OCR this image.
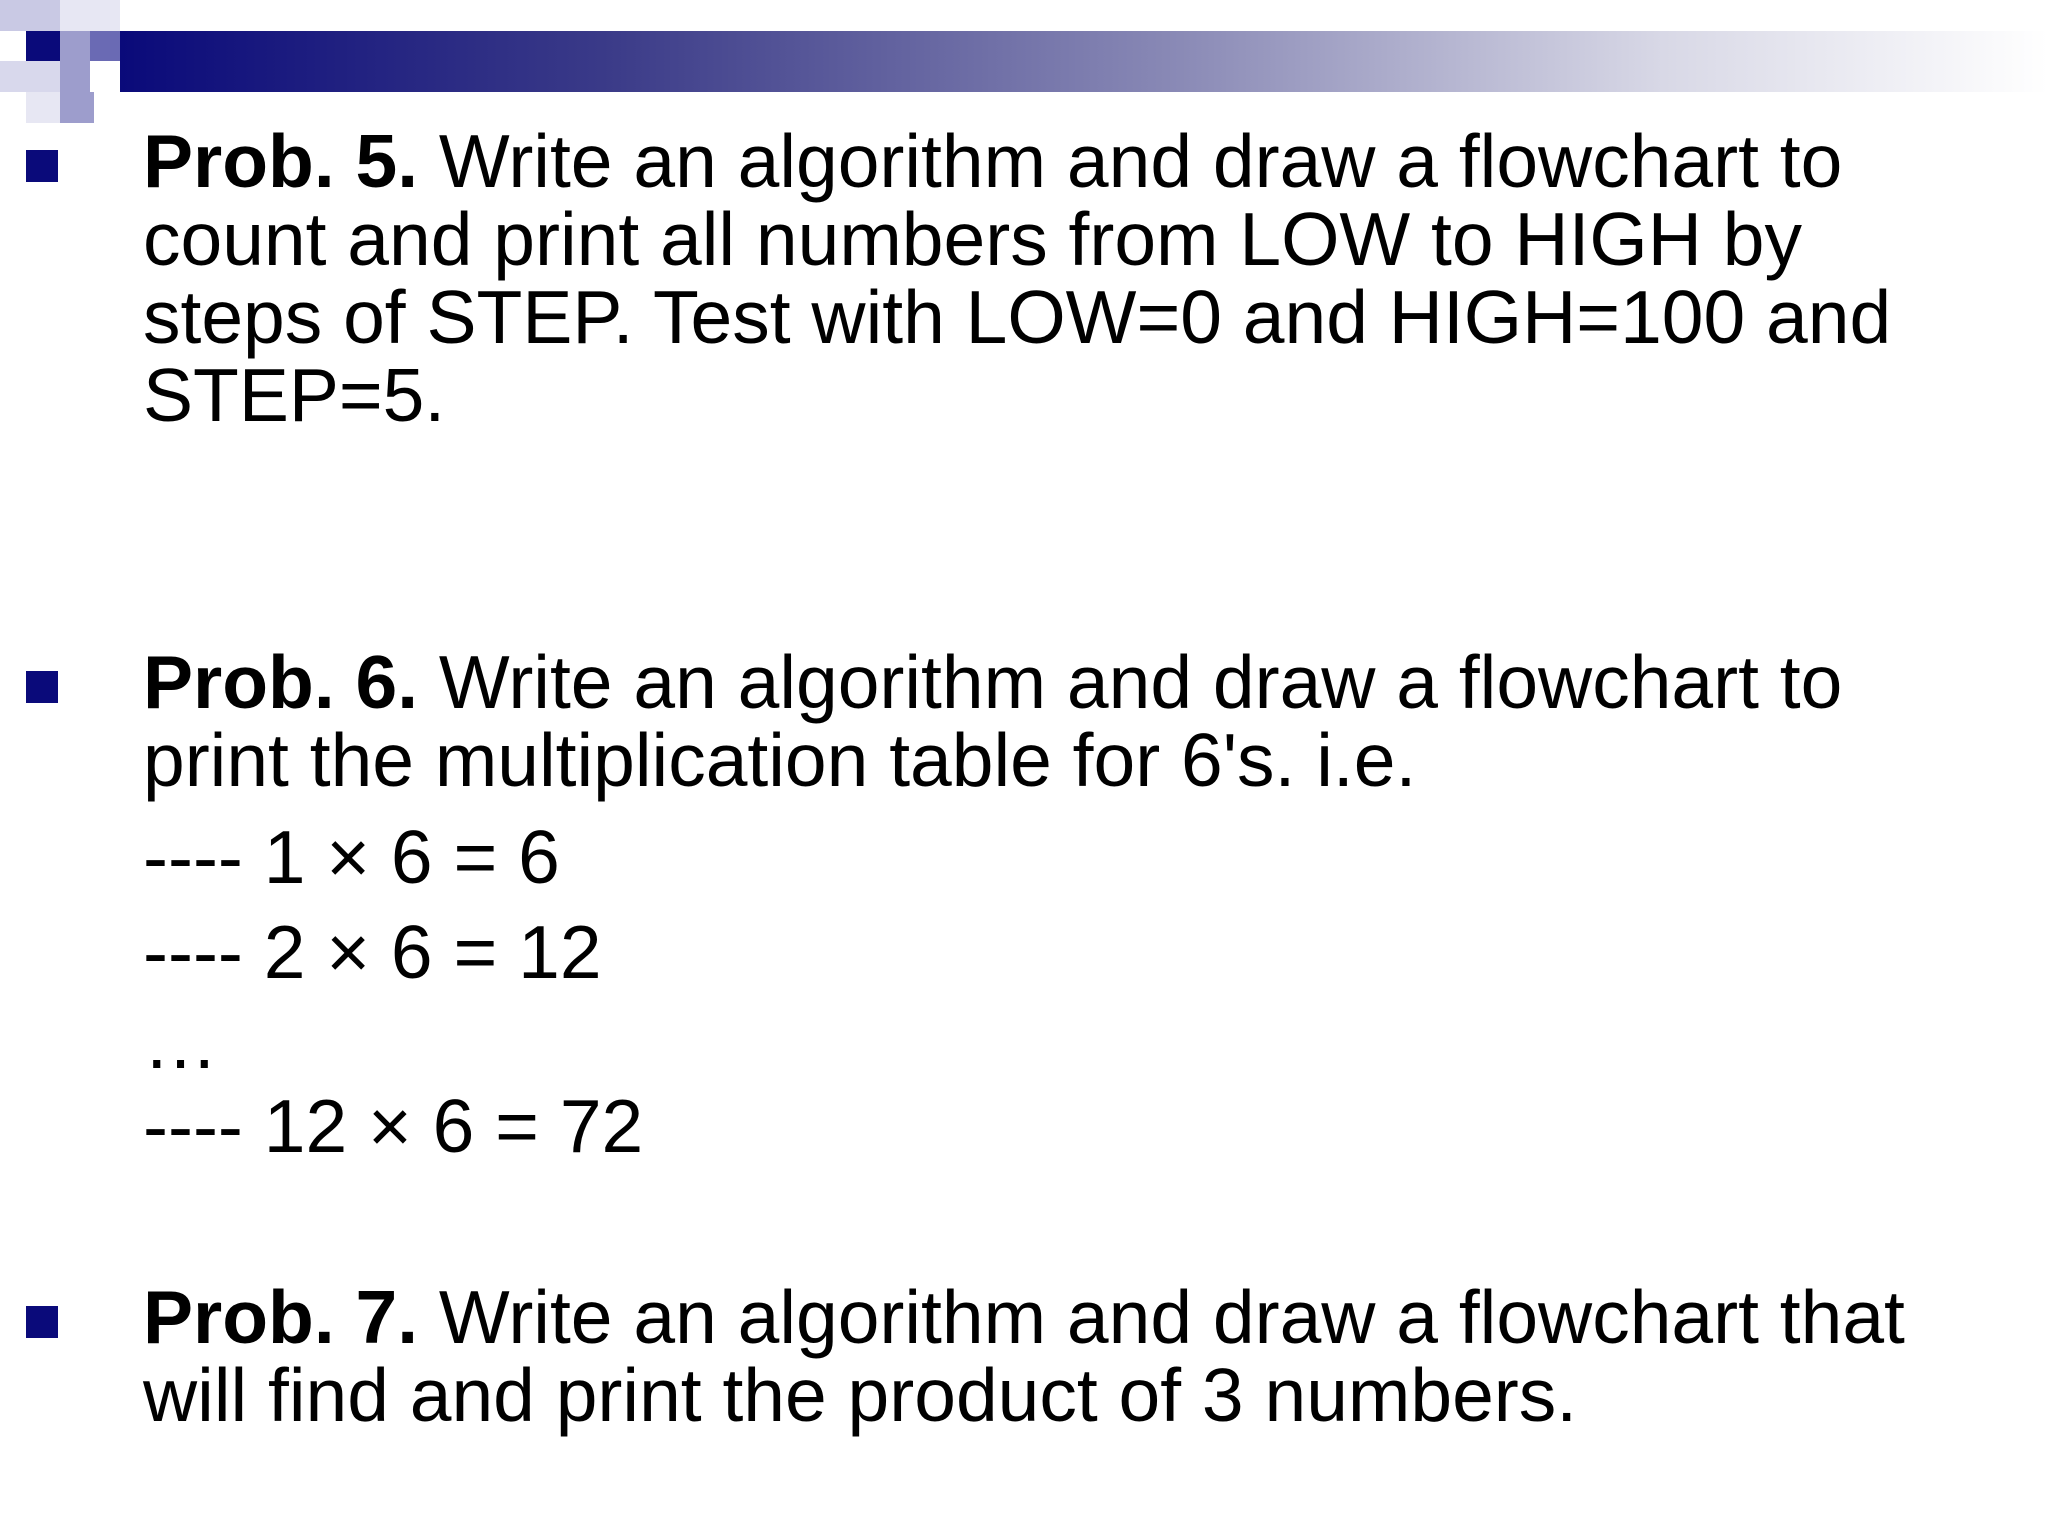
Prob. 5. Write an algorithm and draw a flowchart to
count and print all numbers from LOW to HIGH by
steps of STEP. Test with LOW=0 and HIGH=100 and
STEP=5.

Prob. 6. Write an algorithm and draw a flowchart to
print the multiplication table for 6's. i.e.

---- 1 × 6 = 6
---- 2 × 6 = 12
…
---- 12 × 6 = 72

Prob. 7. Write an algorithm and draw a flowchart that
will find and print the product of 3 numbers.
